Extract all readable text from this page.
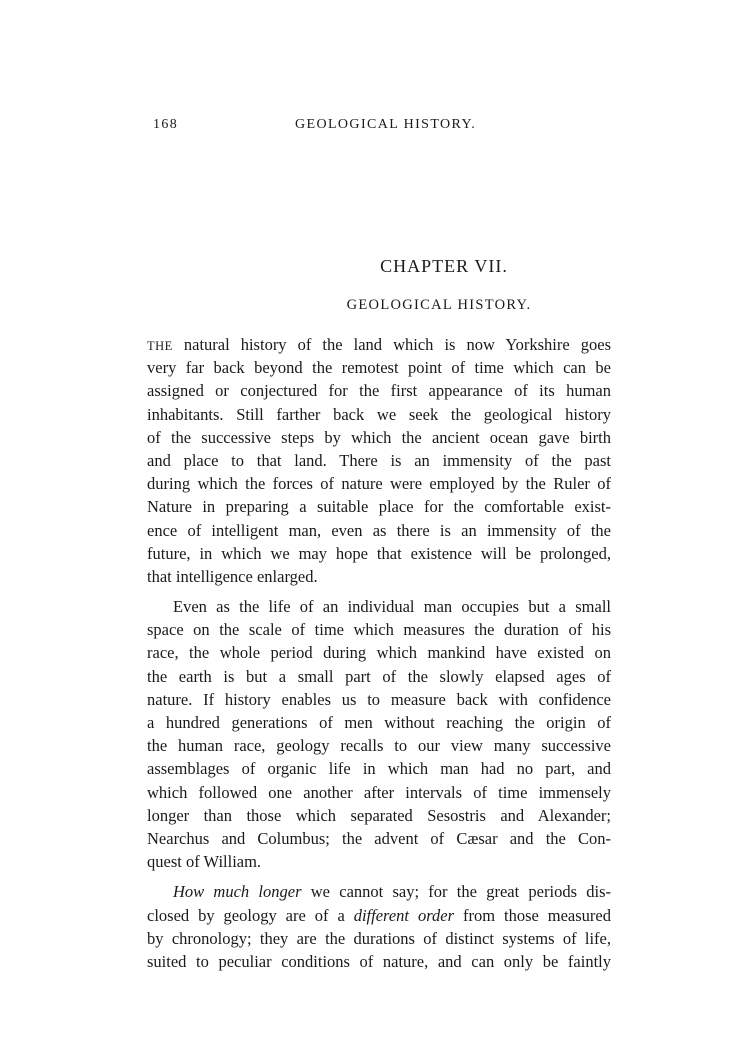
168	GEOLOGICAL HISTORY.
CHAPTER VII.
GEOLOGICAL HISTORY.
THE natural history of the land which is now Yorkshire goes
very far back beyond the remotest point of time which can be
assigned or conjectured for the first appearance of its human
inhabitants. Still farther back we seek the geological history
of the successive steps by which the ancient ocean gave birth
and place to that land. There is an immensity of the past
during which the forces of nature were employed by the Ruler of
Nature in preparing a suitable place for the comfortable exist-
ence of intelligent man, even as there is an immensity of the
future, in which we may hope that existence will be prolonged,
that intelligence enlarged.
Even as the life of an individual man occupies but a small
space on the scale of time which measures the duration of his
race, the whole period during which mankind have existed on
the earth is but a small part of the slowly elapsed ages of
nature. If history enables us to measure back with confidence
a hundred generations of men without reaching the origin of
the human race, geology recalls to our view many successive
assemblages of organic life in which man had no part, and
which followed one another after intervals of time immensely
longer than those which separated Sesostris and Alexander;
Nearchus and Columbus; the advent of Cæsar and the Con-
quest of William.
How much longer we cannot say; for the great periods dis-
closed by geology are of a different order from those measured
by chronology; they are the durations of distinct systems of life,
suited to peculiar conditions of nature, and can only be faintly
